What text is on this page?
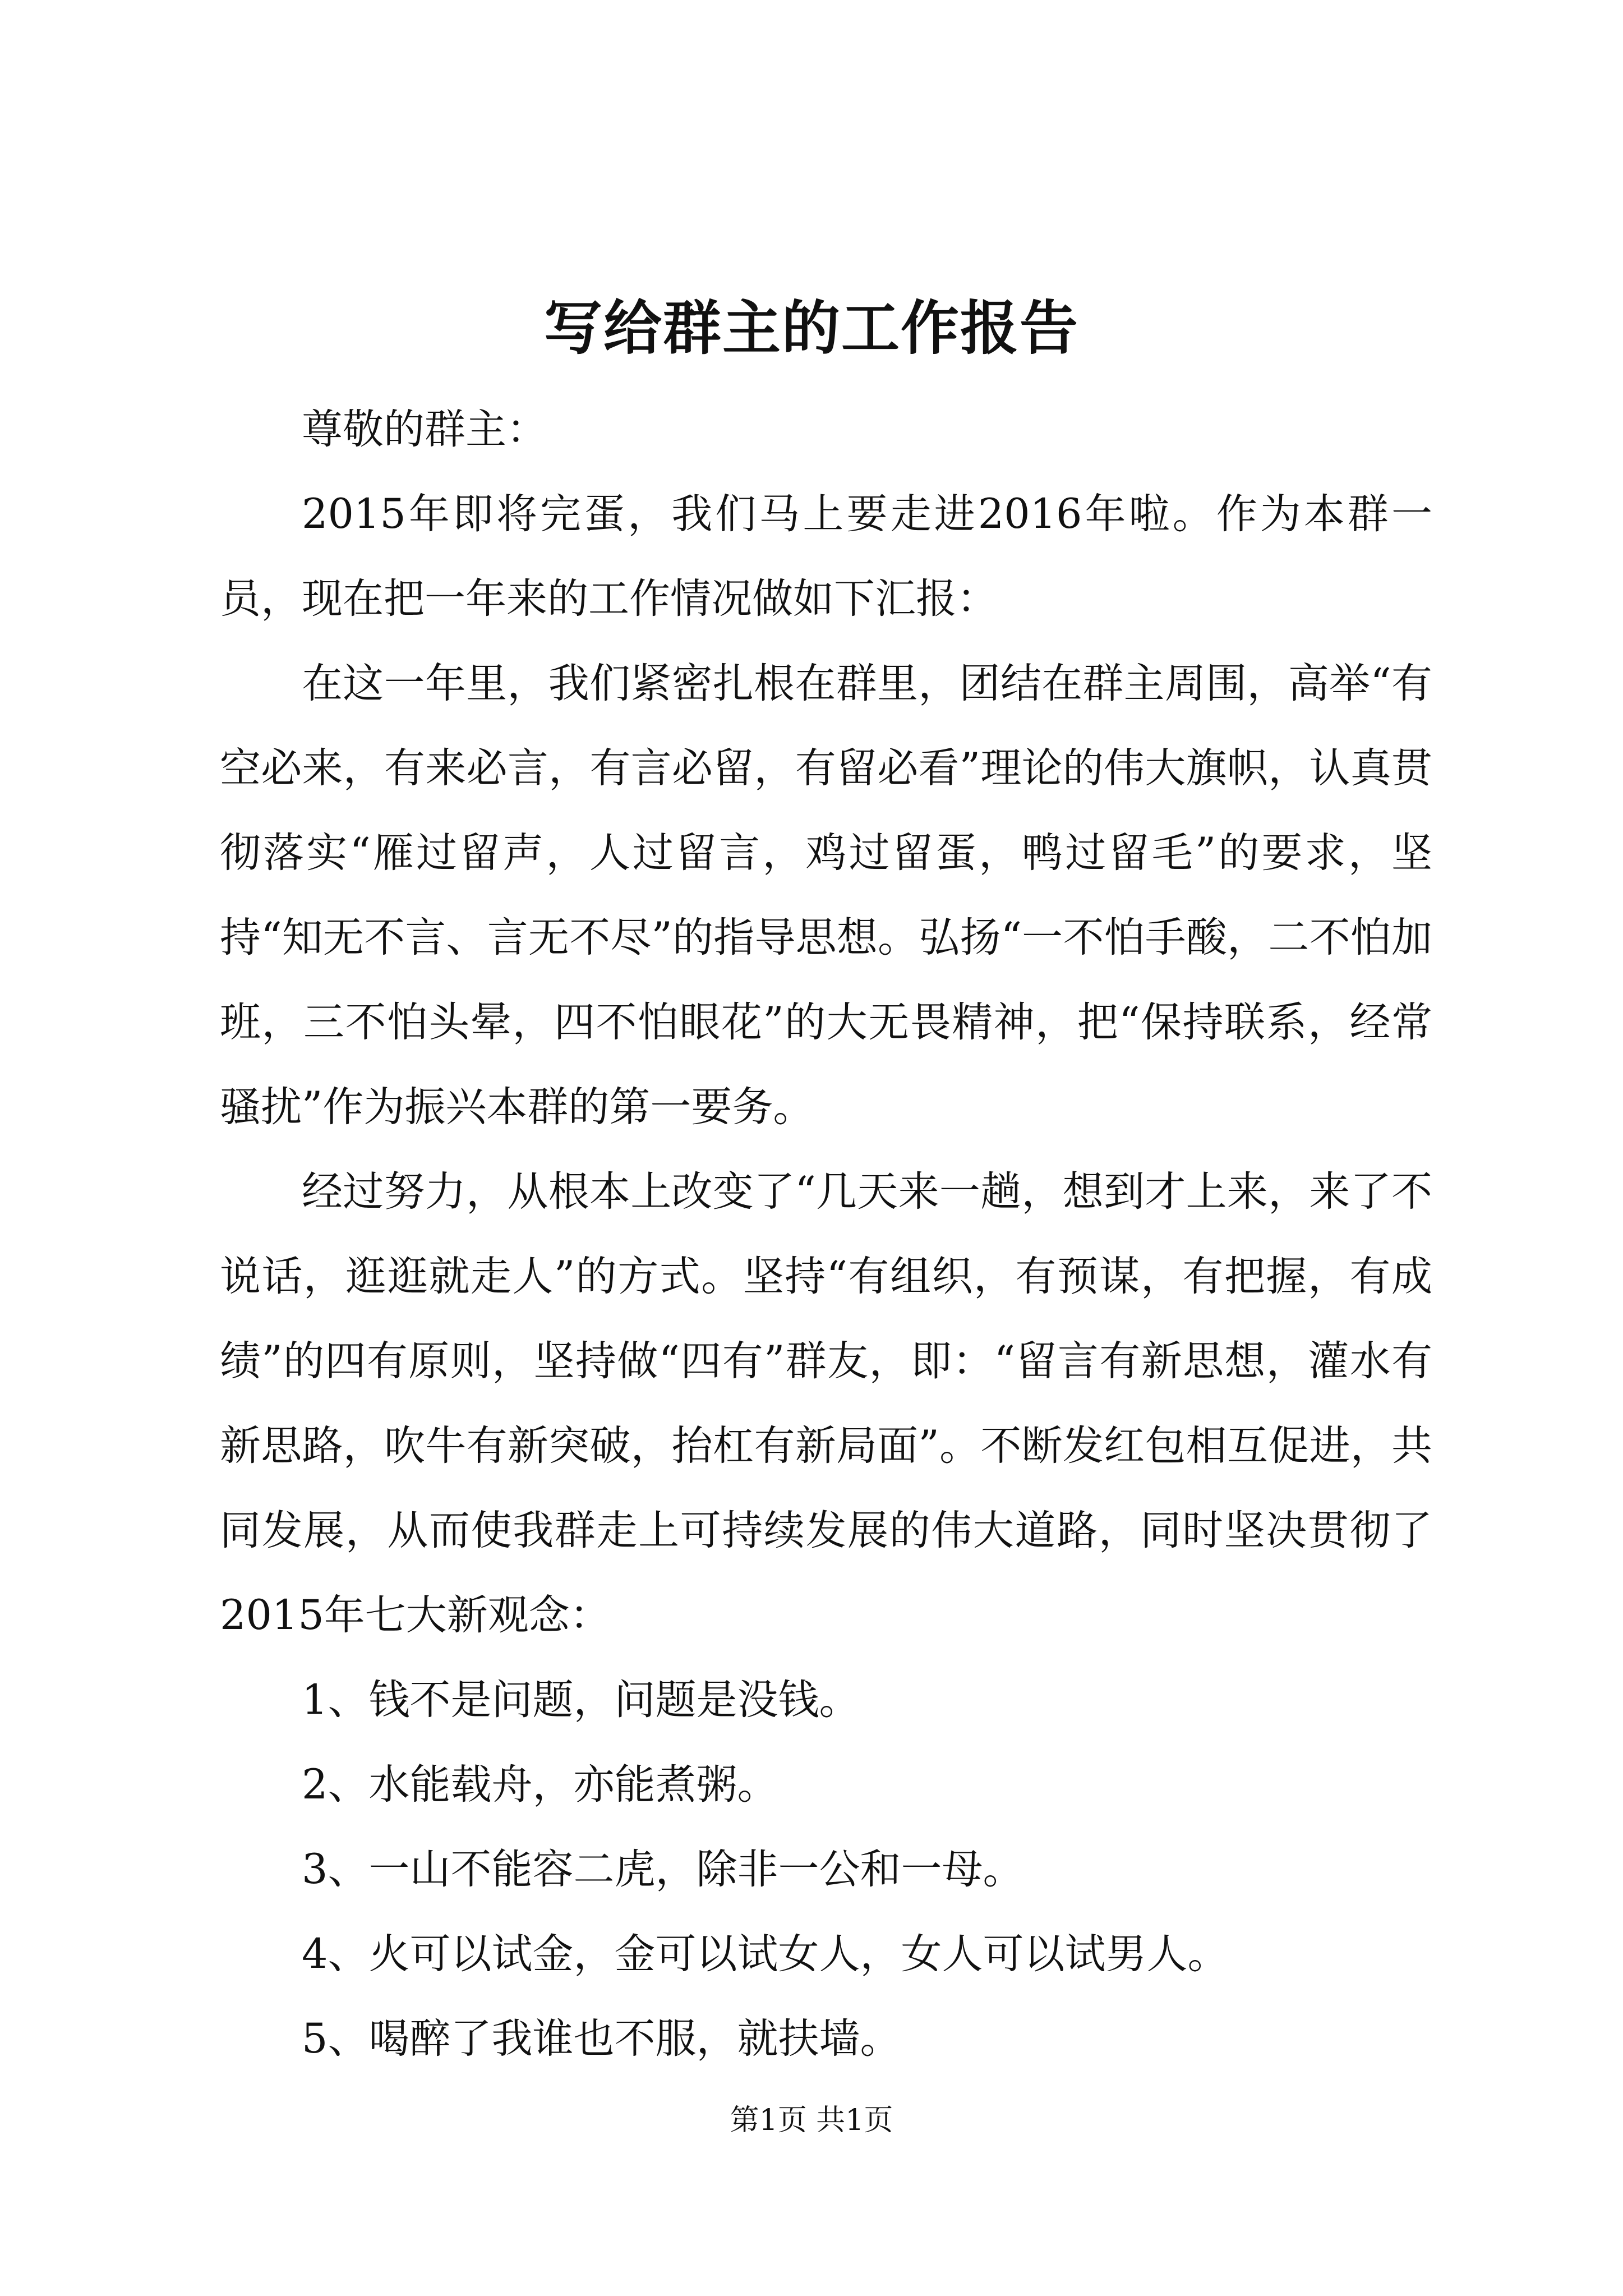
写给群主的工作报告

尊敬的群主：

2015年即将完蛋，我们马上要走进2016年啦。作为本群一员，现在把一年来的工作情况做如下汇报：

在这一年里，我们紧密扎根在群里，团结在群主周围，高举“有空必来，有来必言，有言必留，有留必看”理论的伟大旗帜，认真贯彻落实“雁过留声，人过留言，鸡过留蛋，鸭过留毛”的要求，坚持“知无不言、言无不尽”的指导思想。弘扬“一不怕手酸，二不怕加班，三不怕头晕，四不怕眼花”的大无畏精神，把“保持联系，经常骚扰”作为振兴本群的第一要务。

经过努力，从根本上改变了“几天来一趟，想到才上来，来了不说话，逛逛就走人”的方式。坚持“有组织，有预谋，有把握，有成绩”的四有原则，坚持做“四有”群友，即：“留言有新思想，灌水有新思路，吹牛有新突破，抬杠有新局面”。不断发红包相互促进，共同发展，从而使我群走上可持续发展的伟大道路，同时坚决贯彻了2015年七大新观念：

1、钱不是问题，问题是没钱。
2、水能载舟，亦能煮粥。
3、一山不能容二虎，除非一公和一母。
4、火可以试金，金可以试女人，女人可以试男人。
5、喝醉了我谁也不服，就扶墙。
第1页 共1页
